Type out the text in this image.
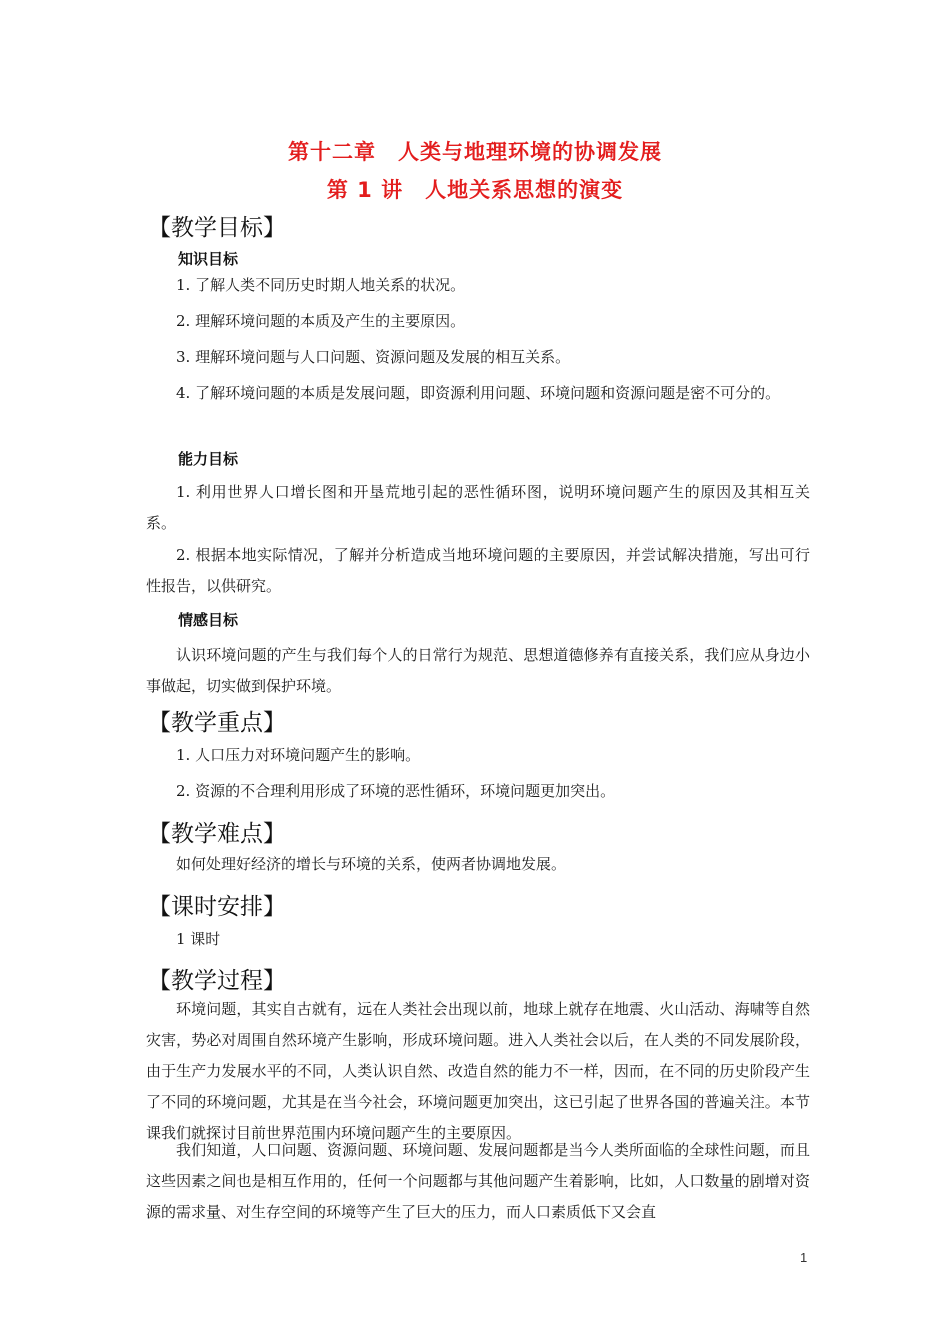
第十二章　人类与地理环境的协调发展
第 1 讲　人地关系思想的演变
【教学目标】
知识目标
1. 了解人类不同历史时期人地关系的状况。
2. 理解环境问题的本质及产生的主要原因。
3. 理解环境问题与人口问题、资源问题及发展的相互关系。
4. 了解环境问题的本质是发展问题，即资源利用问题、环境问题和资源问题是密不可分的。
能力目标
1. 利用世界人口增长图和开垦荒地引起的恶性循环图，说明环境问题产生的原因及其相互关系。
2. 根据本地实际情况，了解并分析造成当地环境问题的主要原因，并尝试解决措施，写出可行性报告，以供研究。
情感目标
认识环境问题的产生与我们每个人的日常行为规范、思想道德修养有直接关系，我们应从身边小事做起，切实做到保护环境。
【教学重点】
1. 人口压力对环境问题产生的影响。
2. 资源的不合理利用形成了环境的恶性循环，环境问题更加突出。
【教学难点】
如何处理好经济的增长与环境的关系，使两者协调地发展。
【课时安排】
1 课时
【教学过程】
环境问题，其实自古就有，远在人类社会出现以前，地球上就存在地震、火山活动、海啸等自然灾害，势必对周围自然环境产生影响，形成环境问题。进入人类社会以后，在人类的不同发展阶段，由于生产力发展水平的不同，人类认识自然、改造自然的能力不一样，因而，在不同的历史阶段产生了不同的环境问题，尤其是在当今社会，环境问题更加突出，这已引起了世界各国的普遍关注。本节课我们就探讨目前世界范围内环境问题产生的主要原因。
我们知道，人口问题、资源问题、环境问题、发展问题都是当今人类所面临的全球性问题，而且这些因素之间也是相互作用的，任何一个问题都与其他问题产生着影响，比如，人口数量的剧增对资源的需求量、对生存空间的环境等产生了巨大的压力，而人口素质低下又会直
1
